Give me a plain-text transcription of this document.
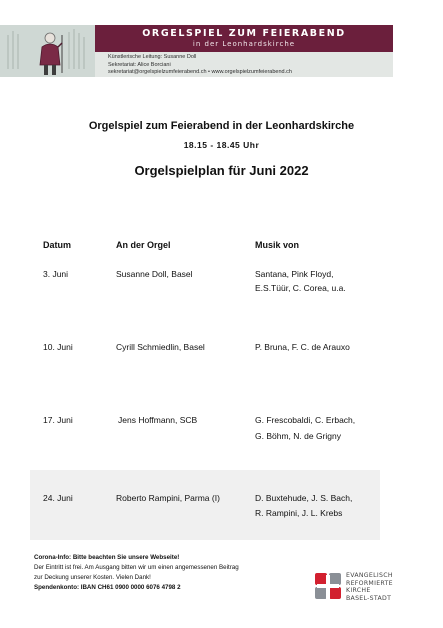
ORGELSPIEL ZUM FEIERABEND
in der Leonhardskirche
Künstlerische Leitung: Susanne Doll
Sekretariat: Alice Borciani
sekretariat@orgelspielzumfeierabend.ch • www.orgelspielzumfeierabend.ch
Orgelspiel zum Feierabend in der Leonhardskirche
18.15 - 18.45 Uhr
Orgelspielplan für Juni 2022
Datum	An der Orgel	Musik von
3. Juni	Susanne Doll, Basel	Santana, Pink Floyd,
E.S.Tüür, C. Corea, u.a.
10. Juni	Cyrill Schmiedlin, Basel	P. Bruna, F. C. de Arauxo
17. Juni	Jens Hoffmann, SCB	G. Frescobaldi, C. Erbach,
G. Böhm, N. de Grigny
24. Juni	Roberto Rampini, Parma (I)	D. Buxtehude, J. S. Bach,
R. Rampini, J. L. Krebs
Corona-Info: Bitte beachten Sie unsere Webseite!
Der Eintritt ist frei. Am Ausgang bitten wir um einen angemessenen Beitrag
zur Deckung unserer Kosten. Vielen Dank!
Spendenkonto: IBAN CH61 0900 0000 6076 4798 2
EVANGELISCH
REFORMIERTE
KIRCHE
BASEL-STADT
